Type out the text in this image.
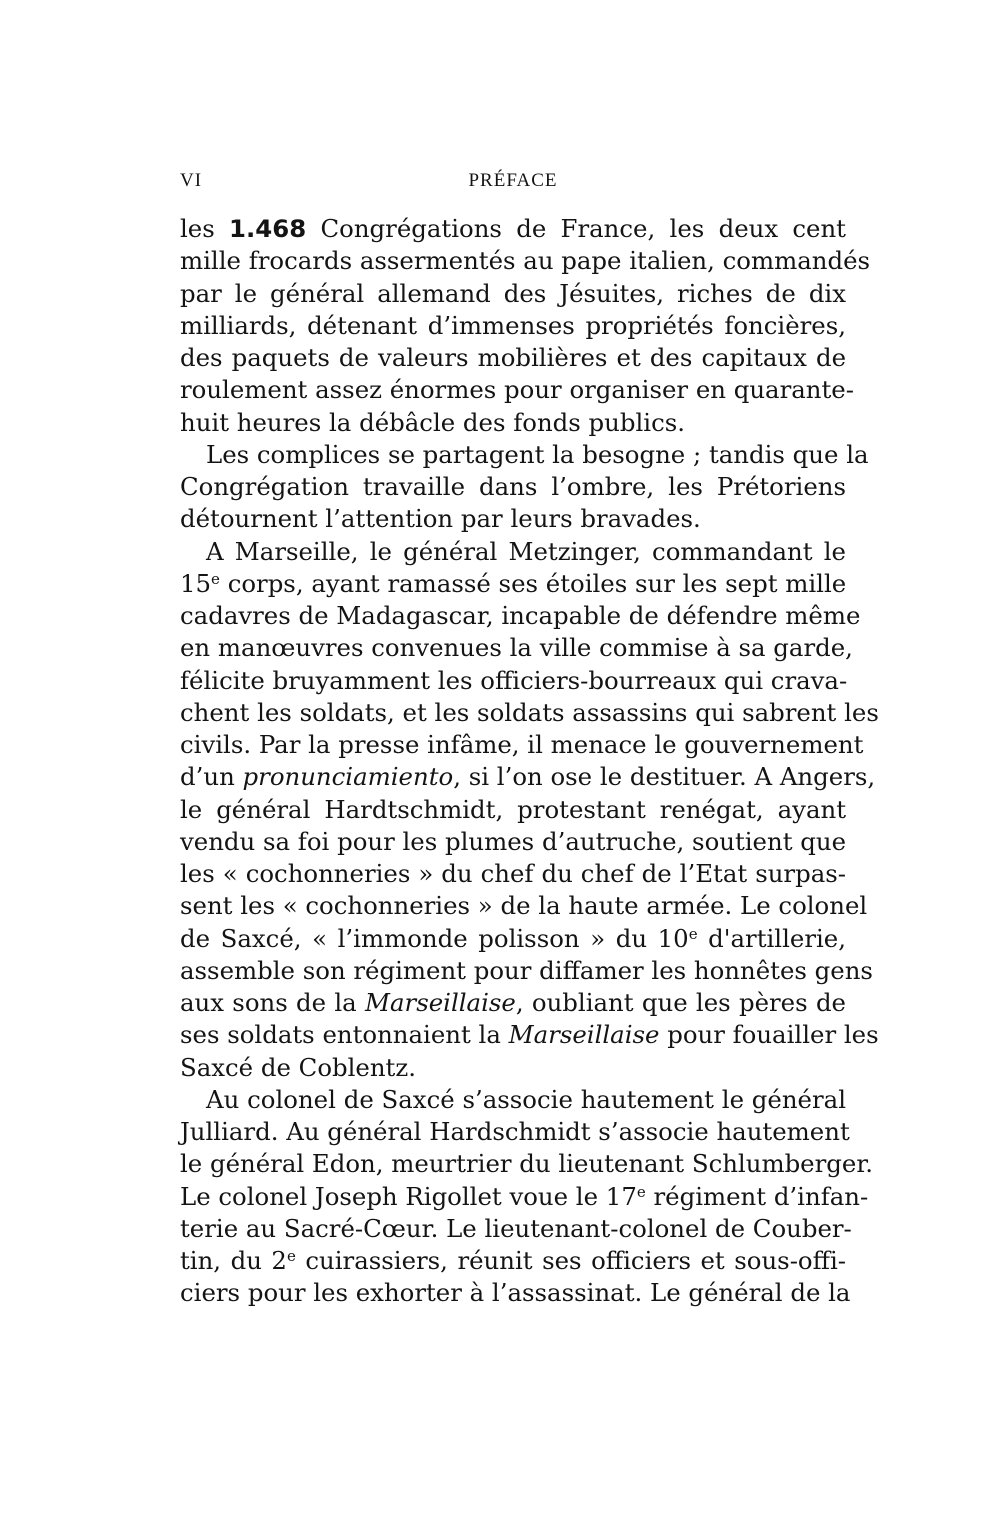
VI	PRÉFACE
les 1.468 Congrégations de France, les deux cent
mille frocards assermentés au pape italien, commandés
par le général allemand des Jésuites, riches de dix
milliards, détenant d’immenses propriétés foncières,
des paquets de valeurs mobilières et des capitaux de
roulement assez énormes pour organiser en quarante-
huit heures la débâcle des fonds publics.
Les complices se partagent la besogne ; tandis que la
Congrégation travaille dans l’ombre, les Prétoriens
détournent l’attention par leurs bravades.
A Marseille, le général Metzinger, commandant le
15e corps, ayant ramassé ses étoiles sur les sept mille
cadavres de Madagascar, incapable de défendre même
en manœuvres convenues la ville commise à sa garde,
félicite bruyamment les officiers-bourreaux qui crava-
chent les soldats, et les soldats assassins qui sabrent les
civils. Par la presse infâme, il menace le gouvernement
d’un pronunciamiento, si l’on ose le destituer. A Angers,
le général Hardtschmidt, protestant renégat, ayant
vendu sa foi pour les plumes d’autruche, soutient que
les « cochonneries » du chef du chef de l’Etat surpas-
sent les « cochonneries » de la haute armée. Le colonel
de Saxcé, « l’immonde polisson » du 10e d'artillerie,
assemble son régiment pour diffamer les honnêtes gens
aux sons de la Marseillaise, oubliant que les pères de
ses soldats entonnaient la Marseillaise pour fouailler les
Saxcé de Coblentz.
Au colonel de Saxcé s’associe hautement le général
Julliard. Au général Hardschmidt s’associe hautement
le général Edon, meurtrier du lieutenant Schlumberger.
Le colonel Joseph Rigollet voue le 17e régiment d’infan-
terie au Sacré-Cœur. Le lieutenant-colonel de Couber-
tin, du 2e cuirassiers, réunit ses officiers et sous-offi-
ciers pour les exhorter à l’assassinat. Le général de la
